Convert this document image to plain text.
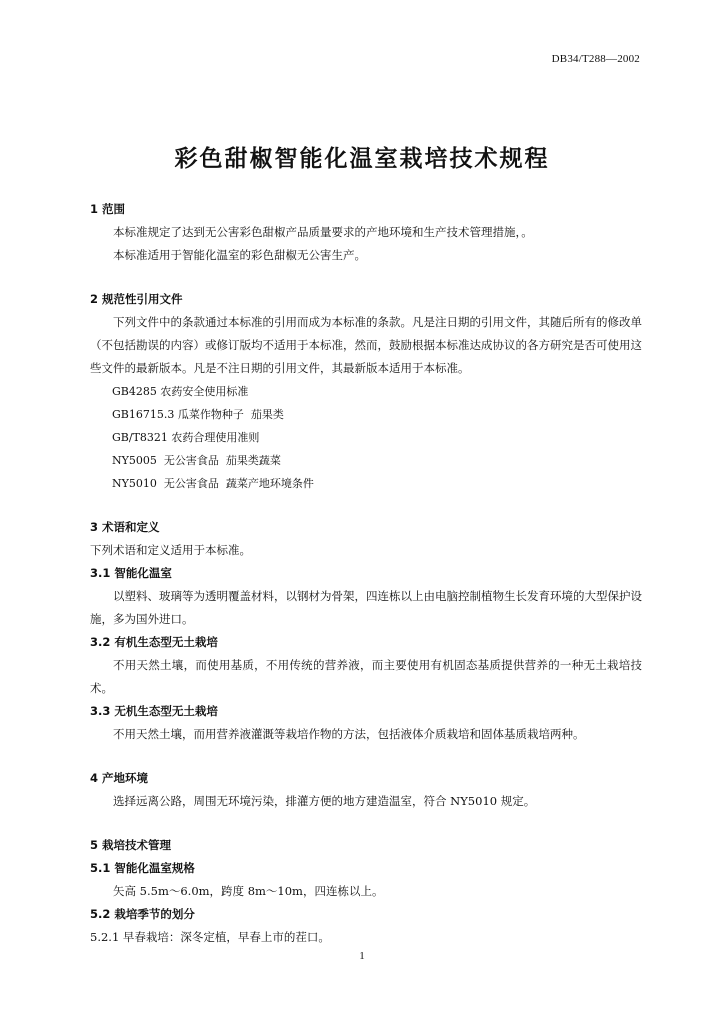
DB34/T288—2002
彩色甜椒智能化温室栽培技术规程
1 范围
本标准规定了达到无公害彩色甜椒产品质量要求的产地环境和生产技术管理措施，。
本标准适用于智能化温室的彩色甜椒无公害生产。
2 规范性引用文件
下列文件中的条款通过本标准的引用而成为本标准的条款。凡是注日期的引用文件，其随后所有的修改单（不包括勘误的内容）或修订版均不适用于本标准，然而，鼓励根据本标准达成协议的各方研究是否可使用这些文件的最新版本。凡是不注日期的引用文件，其最新版本适用于本标准。
GB4285 农药安全使用标准
GB16715.3 瓜菜作物种子  茄果类
GB/T8321 农药合理使用准则
NY5005  无公害食品  茄果类蔬菜
NY5010  无公害食品  蔬菜产地环境条件
3 术语和定义
下列术语和定义适用于本标准。
3.1 智能化温室
以塑料、玻璃等为透明覆盖材料，以钢材为骨架，四连栋以上由电脑控制植物生长发育环境的大型保护设施，多为国外进口。
3.2 有机生态型无土栽培
不用天然土壤，而使用基质，不用传统的营养液，而主要使用有机固态基质提供营养的一种无土栽培技术。
3.3 无机生态型无土栽培
不用天然土壤，而用营养液灌溉等栽培作物的方法，包括液体介质栽培和固体基质栽培两种。
4 产地环境
选择远离公路，周围无环境污染，排灌方便的地方建造温室，符合 NY5010 规定。
5 栽培技术管理
5.1 智能化温室规格
矢高 5.5m～6.0m，跨度 8m～10m，四连栋以上。
5.2 栽培季节的划分
5.2.1 早春栽培：深冬定植，早春上市的茬口。
1
